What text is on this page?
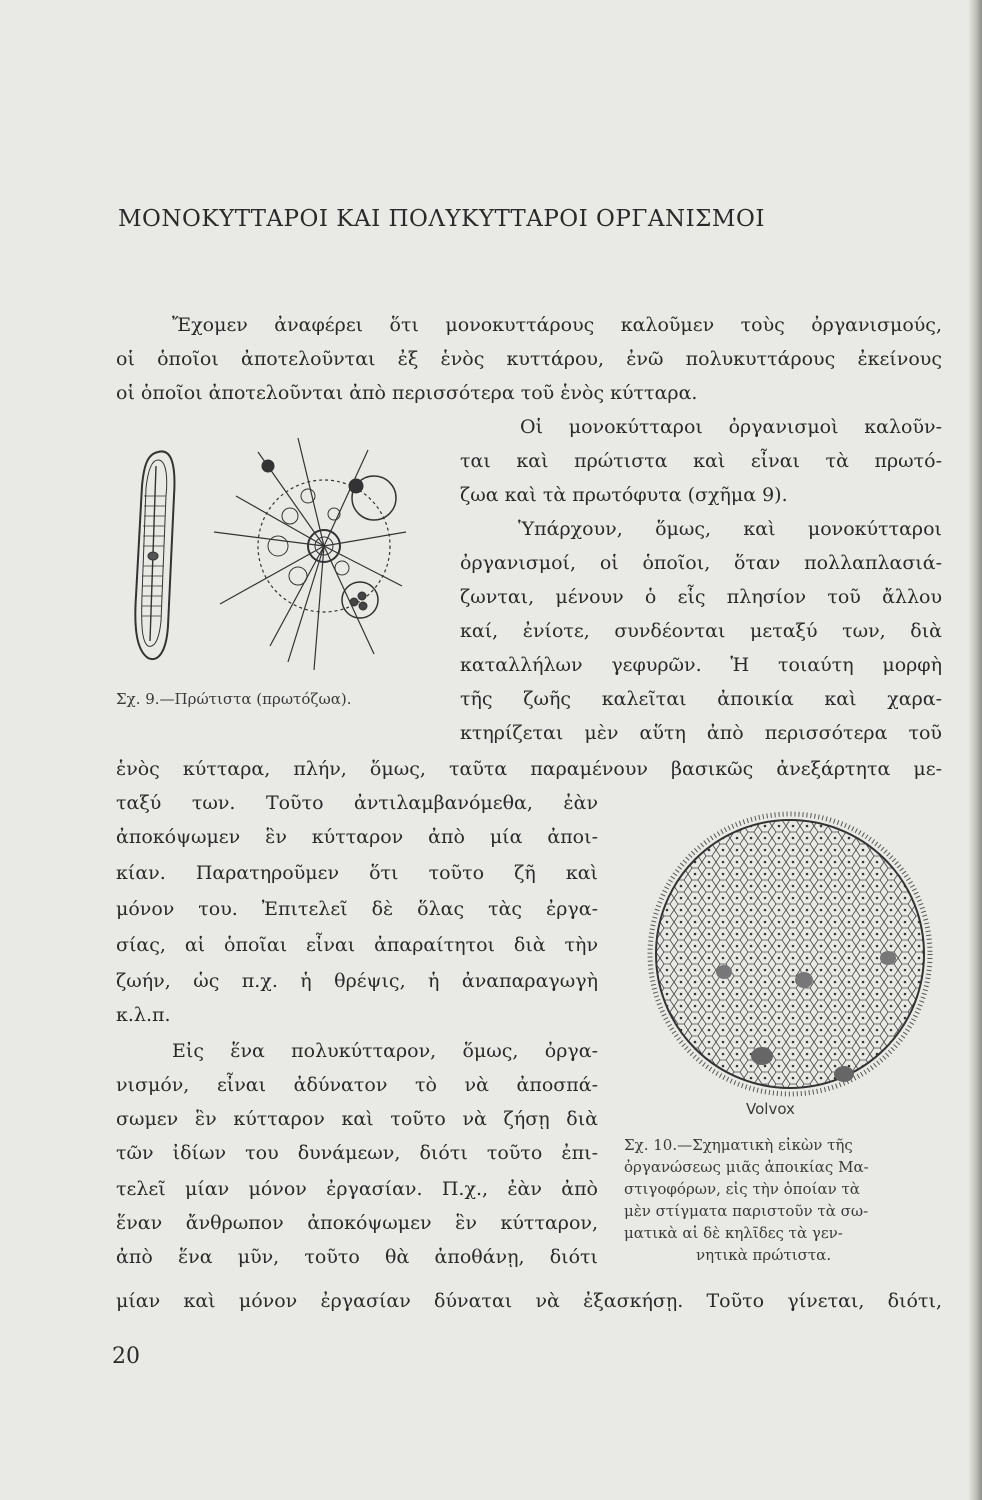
ΜΟΝΟΚΥΤΤΑΡΟΙ ΚΑΙ ΠΟΛΥΚΥΤΤΑΡΟΙ ΟΡΓΑΝΙΣΜΟΙ
Ἔχομεν ἀναφέρει ὅτι μονοκυττάρους καλοῦμεν τοὺς ὀργανισμούς,
οἱ ὁποῖοι ἀποτελοῦνται ἐξ ἑνὸς κυττάρου, ἐνῶ πολυκυττάρους ἐκείνους
οἱ ὁποῖοι ἀποτελοῦνται ἀπὸ περισσότερα τοῦ ἑνὸς κύτταρα.
Οἱ μονοκύτταροι ὀργανισμοὶ καλοῦν-
ται καὶ πρώτιστα καὶ εἶναι τὰ πρωτό-
ζωα καὶ τὰ πρωτόφυτα (σχῆμα 9).
Ὑπάρχουν, ὅμως, καὶ μονοκύτταροι
ὀργανισμοί, οἱ ὁποῖοι, ὅταν πολλαπλασιά-
ζωνται, μένουν ὁ εἷς πλησίον τοῦ ἄλλου
καί, ἐνίοτε, συνδέονται μεταξύ των, διὰ
καταλλήλων γεφυρῶν. Ἡ τοιαύτη μορφὴ
τῆς ζωῆς καλεῖται ἀποικία καὶ χαρα-
κτηρίζεται μὲν αὕτη ἀπὸ περισσότερα τοῦ
ἑνὸς κύτταρα, πλήν, ὅμως, ταῦτα παραμένουν βασικῶς ἀνεξάρτητα με-
ταξύ των. Τοῦτο ἀντιλαμβανόμεθα, ἐὰν
ἀποκόψωμεν ἓν κύτταρον ἀπὸ μία ἀποι-
κίαν. Παρατηροῦμεν ὅτι τοῦτο ζῆ καὶ
μόνον του. Ἐπιτελεῖ δὲ ὅλας τὰς ἐργα-
σίας, αἱ ὁποῖαι εἶναι ἀπαραίτητοι διὰ τὴν
ζωήν, ὡς π.χ. ἡ θρέψις, ἡ ἀναπαραγωγὴ
κ.λ.π.
Εἰς ἕνα πολυκύτταρον, ὅμως, ὀργα-
νισμόν, εἶναι ἀδύνατον τὸ νὰ ἀποσπά-
σωμεν ἓν κύτταρον καὶ τοῦτο νὰ ζήσῃ διὰ
τῶν ἰδίων του δυνάμεων, διότι τοῦτο ἐπι-
τελεῖ μίαν μόνον ἐργασίαν. Π.χ., ἐὰν ἀπὸ
ἕναν ἄνθρωπον ἀποκόψωμεν ἓν κύτταρον,
ἀπὸ ἕνα μῦν, τοῦτο θὰ ἀποθάνῃ, διότι
μίαν καὶ μόνον ἐργασίαν δύναται νὰ ἐξασκήσῃ. Τοῦτο γίνεται, διότι,
Σχ. 9.—Πρώτιστα (πρωτόζωα).
Volvox
Σχ. 10.—Σχηματικὴ εἰκὼν τῆς
ὀργανώσεως μιᾶς ἀποικίας Μα-
στιγοφόρων, εἰς τὴν ὁποίαν τὰ
μὲν στίγματα παριστοῦν τὰ σω-
ματικὰ αἱ δὲ κηλῖδες τὰ γεν-
νητικὰ πρώτιστα.
20
